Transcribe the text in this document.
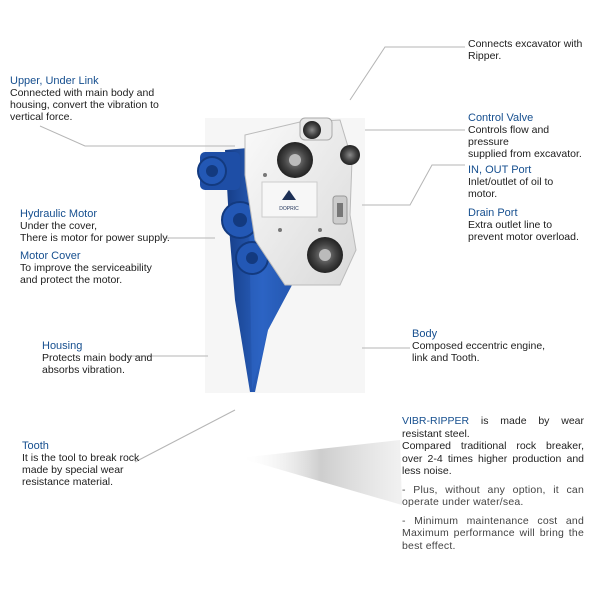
DOPRIC
Connects excavator with
Ripper.
Upper, Under Link
Connected with main body and
housing, convert the vibration to
vertical force.	Control Valve
Controls flow and
pressure
supplied from excavator.
IN, OUT Port
Inlet/outlet of oil to
motor.
Drain Port
Extra outlet line to
prevent motor overload.
Hydraulic Motor
Under the cover,
There is motor for power supply.
Motor Cover
To improve the serviceability
and protect the motor.
Housing
Protects main body and
absorbs vibration.
Body
Composed eccentric engine,
link and Tooth.
Tooth
It is the tool to break rock
made by special wear
resistance material.

VIBR-RIPPER is made by wear resistant steel.
Compared traditional rock breaker, over 2-4 times higher production and less noise.

- Plus, without any option, it can operate under water/sea.

- Minimum maintenance cost and Maximum performance will bring the best effect.
